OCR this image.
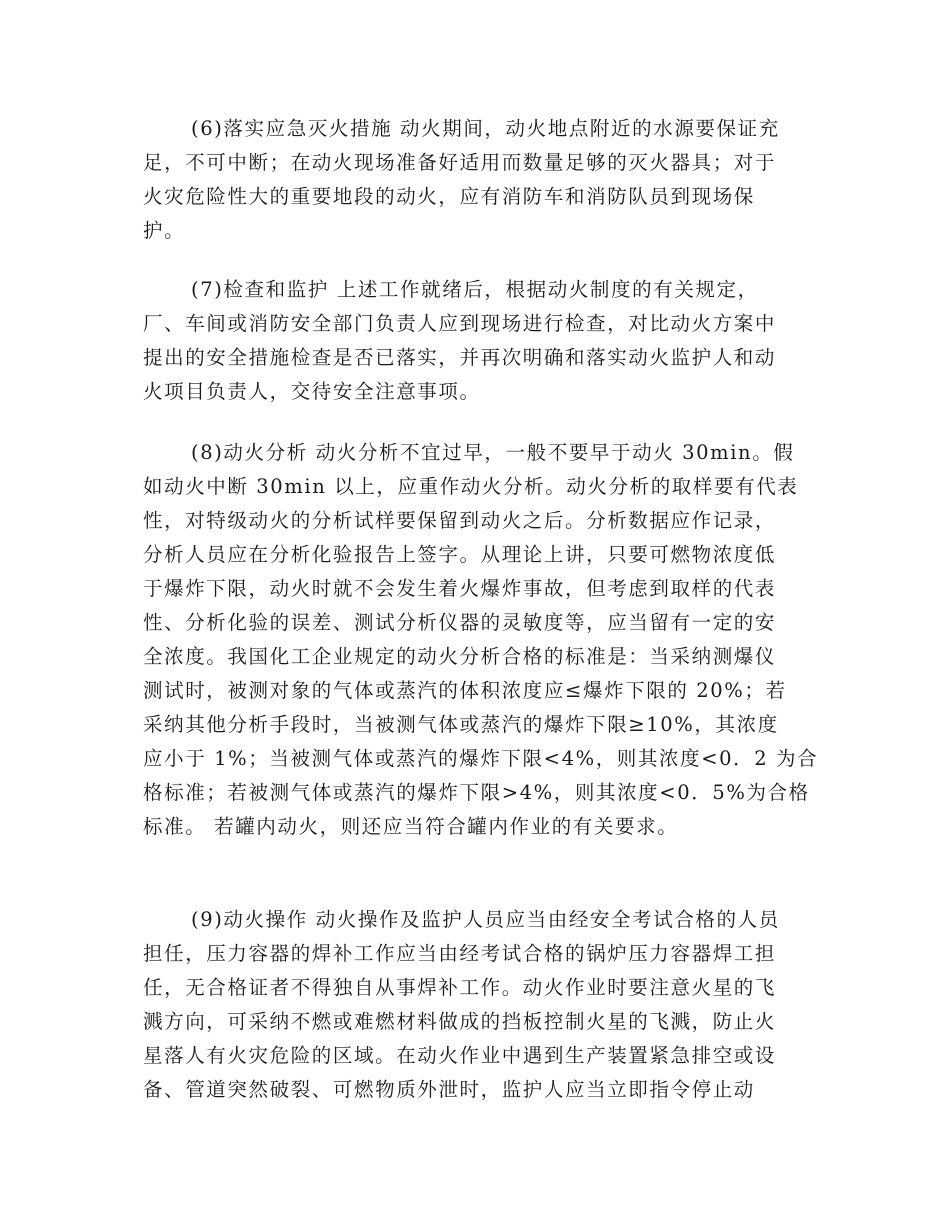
(6)落实应急灭火措施 动火期间，动火地点附近的水源要保证充
足，不可中断；在动火现场准备好适用而数量足够的灭火器具；对于
火灾危险性大的重要地段的动火，应有消防车和消防队员到现场保
护。
(7)检查和监护 上述工作就绪后，根据动火制度的有关规定，
厂、车间或消防安全部门负责人应到现场进行检查，对比动火方案中
提出的安全措施检查是否已落实，并再次明确和落实动火监护人和动
火项目负责人，交待安全注意事项。
(8)动火分析 动火分析不宜过早，一般不要早于动火 30min。假
如动火中断 30min 以上，应重作动火分析。动火分析的取样要有代表
性，对特级动火的分析试样要保留到动火之后。分析数据应作记录，
分析人员应在分析化验报告上签字。从理论上讲，只要可燃物浓度低
于爆炸下限，动火时就不会发生着火爆炸事故，但考虑到取样的代表
性、分析化验的误差、测试分析仪器的灵敏度等，应当留有一定的安
全浓度。我国化工企业规定的动火分析合格的标准是：当采纳测爆仪
测试时，被测对象的气体或蒸汽的体积浓度应≤爆炸下限的 20%；若
采纳其他分析手段时，当被测气体或蒸汽的爆炸下限≥10%，其浓度
应小于 1%；当被测气体或蒸汽的爆炸下限<4%，则其浓度<0．2 为合
格标准；若被测气体或蒸汽的爆炸下限>4%，则其浓度<0．5%为合格
标准。 若罐内动火，则还应当符合罐内作业的有关要求。
(9)动火操作 动火操作及监护人员应当由经安全考试合格的人员
担任，压力容器的焊补工作应当由经考试合格的锅炉压力容器焊工担
任，无合格证者不得独自从事焊补工作。动火作业时要注意火星的飞
溅方向，可采纳不燃或难燃材料做成的挡板控制火星的飞溅，防止火
星落人有火灾危险的区域。在动火作业中遇到生产装置紧急排空或设
备、管道突然破裂、可燃物质外泄时，监护人应当立即指令停止动
